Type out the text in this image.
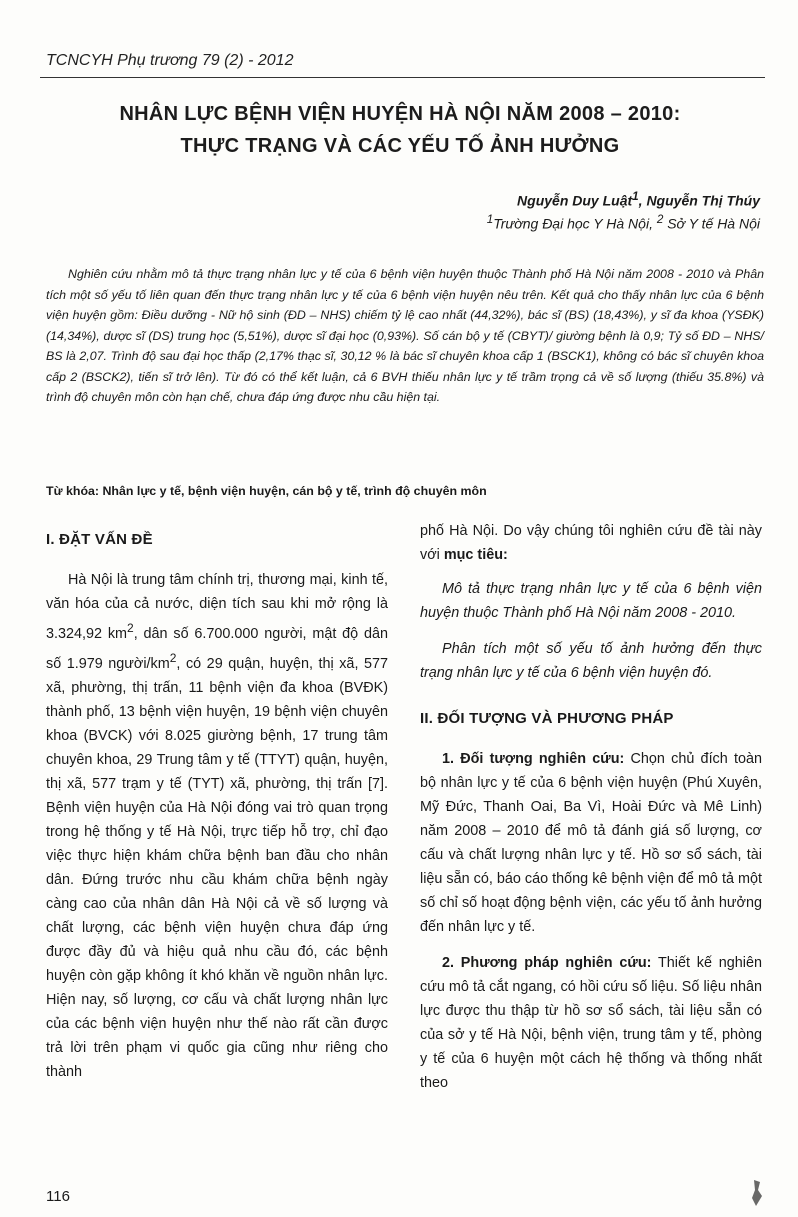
TCNCYH Phụ trương 79 (2) - 2012
NHÂN LỰC BỆNH VIỆN HUYỆN HÀ NỘI NĂM 2008 – 2010:
THỰC TRẠNG VÀ CÁC YẾU TỐ ẢNH HƯỞNG
Nguyễn Duy Luật$^1$, Nguyễn Thị Thúy
$^1$Trường Đại học Y Hà Nội, $^2$ Sở Y tế Hà Nội

Nghiên cứu nhằm mô tả thực trạng nhân lực y tế của 6 bệnh viện huyện thuộc Thành phố Hà Nội năm 2008 - 2010 và Phân tích một số yếu tố liên quan đến thực trạng nhân lực y tế của 6 bệnh viện huyện nêu trên. Kết quả cho thấy nhân lực của 6 bệnh viện huyện gồm: Điều dưỡng - Nữ hộ sinh (ĐD – NHS) chiếm tỷ lệ cao nhất (44,32%), bác sĩ (BS) (18,43%), y sĩ đa khoa (YSĐK) (14,34%), dược sĩ (DS) trung học (5,51%), dược sĩ đại học (0,93%). Số cán bộ y tế (CBYT)/ giường bệnh là 0,9; Tỷ số ĐD – NHS/ BS là 2,07. Trình độ sau đại học thấp (2,17% thạc sĩ, 30,12 % là bác sĩ chuyên khoa cấp 1 (BSCK1), không có bác sĩ chuyên khoa cấp 2 (BSCK2), tiến sĩ trở lên). Từ đó có thể kết luận, cả 6 BVH thiếu nhân lực y tế trầm trọng cả về số lượng (thiếu 35.8%) và trình độ chuyên môn còn hạn chế, chưa đáp ứng được nhu cầu hiện tại.

Từ khóa: Nhân lực y tế, bệnh viện huyện, cán bộ y tế, trình độ chuyên môn
I. ĐẶT VẤN ĐỀ

Hà Nội là trung tâm chính trị, thương mại, kinh tế, văn hóa của cả nước, diện tích sau khi mở rộng là 3.324,92 $km^2$, dân số 6.700.000 người, mật độ dân số 1.979 người/$km^2$, có 29 quận, huyện, thị xã, 577 xã, phường, thị trấn, 11 bệnh viện đa khoa (BVĐK) thành phố, 13 bệnh viện huyện, 19 bệnh viện chuyên khoa (BVCK) với 8.025 giường bệnh, 17 trung tâm chuyên khoa, 29 Trung tâm y tế (TTYT) quận, huyện, thị xã, 577 trạm y tế (TYT) xã, phường, thị trấn [7]. Bệnh viện huyện của Hà Nội đóng vai trò quan trọng trong hệ thống y tế Hà Nội, trực tiếp hỗ trợ, chỉ đạo việc thực hiện khám chữa bệnh ban đầu cho nhân dân. Đứng trước nhu cầu khám chữa bệnh ngày càng cao của nhân dân Hà Nội cả về số lượng và chất lượng, các bệnh viện huyện chưa đáp ứng được đầy đủ và hiệu quả nhu cầu đó, các bệnh huyện còn gặp không ít khó khăn về nguồn nhân lực. Hiện nay, số lượng, cơ cấu và chất lượng nhân lực của các bệnh viện huyện như thế nào rất cần được trả lời trên phạm vi quốc gia cũng như riêng cho thành

phố Hà Nội. Do vậy chúng tôi nghiên cứu đề tài này với mục tiêu:

Mô tả thực trạng nhân lực y tế của 6 bệnh viện huyện thuộc Thành phố Hà Nội năm 2008 - 2010.

Phân tích một số yếu tố ảnh hưởng đến thực trạng nhân lực y tế của 6 bệnh viện huyện đó.

II. ĐỐI TƯỢNG VÀ PHƯƠNG PHÁP

1. Đối tượng nghiên cứu: Chọn chủ đích toàn bộ nhân lực y tế của 6 bệnh viện huyện (Phú Xuyên, Mỹ Đức, Thanh Oai, Ba Vì, Hoài Đức và Mê Linh) năm 2008 – 2010 để mô tả đánh giá số lượng, cơ cấu và chất lượng nhân lực y tế. Hồ sơ sổ sách, tài liệu sẵn có, báo cáo thống kê bệnh viện để mô tả một số chỉ số hoạt động bệnh viện, các yếu tố ảnh hưởng đến nhân lực y tế.

2. Phương pháp nghiên cứu: Thiết kế nghiên cứu mô tả cắt ngang, có hồi cứu số liệu. Số liệu nhân lực được thu thập từ hồ sơ sổ sách, tài liệu sẵn có của sở y tế Hà Nội, bệnh viện, trung tâm y tế, phòng y tế của 6 huyện một cách hệ thống và thống nhất theo

116
